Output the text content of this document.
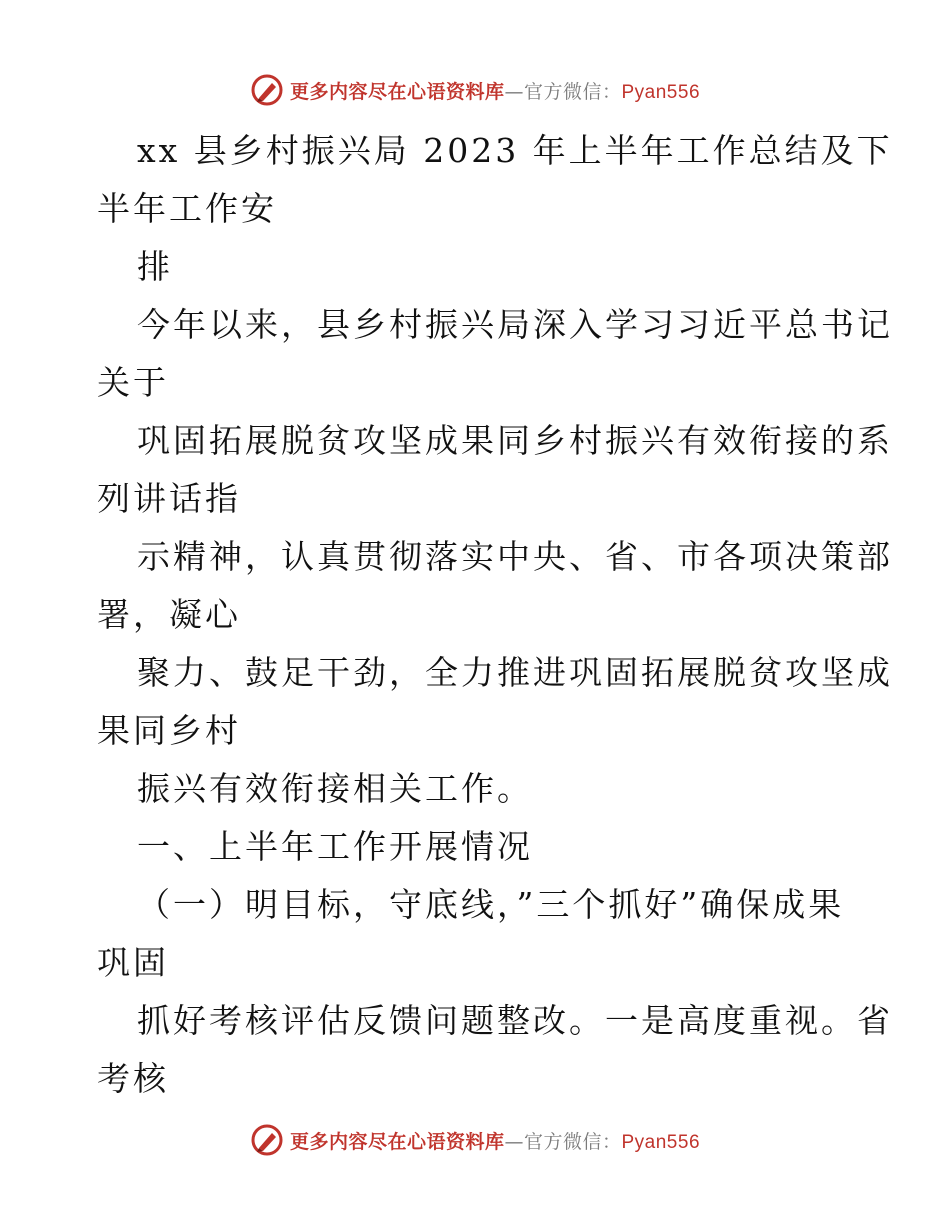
更多内容尽在心语资料库—官方微信：Pyan556
xx 县乡村振兴局 2023 年上半年工作总结及下
半年工作安
排
今年以来，县乡村振兴局深入学习习近平总书记
关于
巩固拓展脱贫攻坚成果同乡村振兴有效衔接的系
列讲话指
示精神，认真贯彻落实中央、省、市各项决策部
署，凝心
聚力、鼓足干劲，全力推进巩固拓展脱贫攻坚成
果同乡村
振兴有效衔接相关工作。
一、上半年工作开展情况
（一）明目标，守底线，”三个抓好”确保成果
巩固
抓好考核评估反馈问题整改。一是高度重视。省
考核
更多内容尽在心语资料库—官方微信：Pyan556
